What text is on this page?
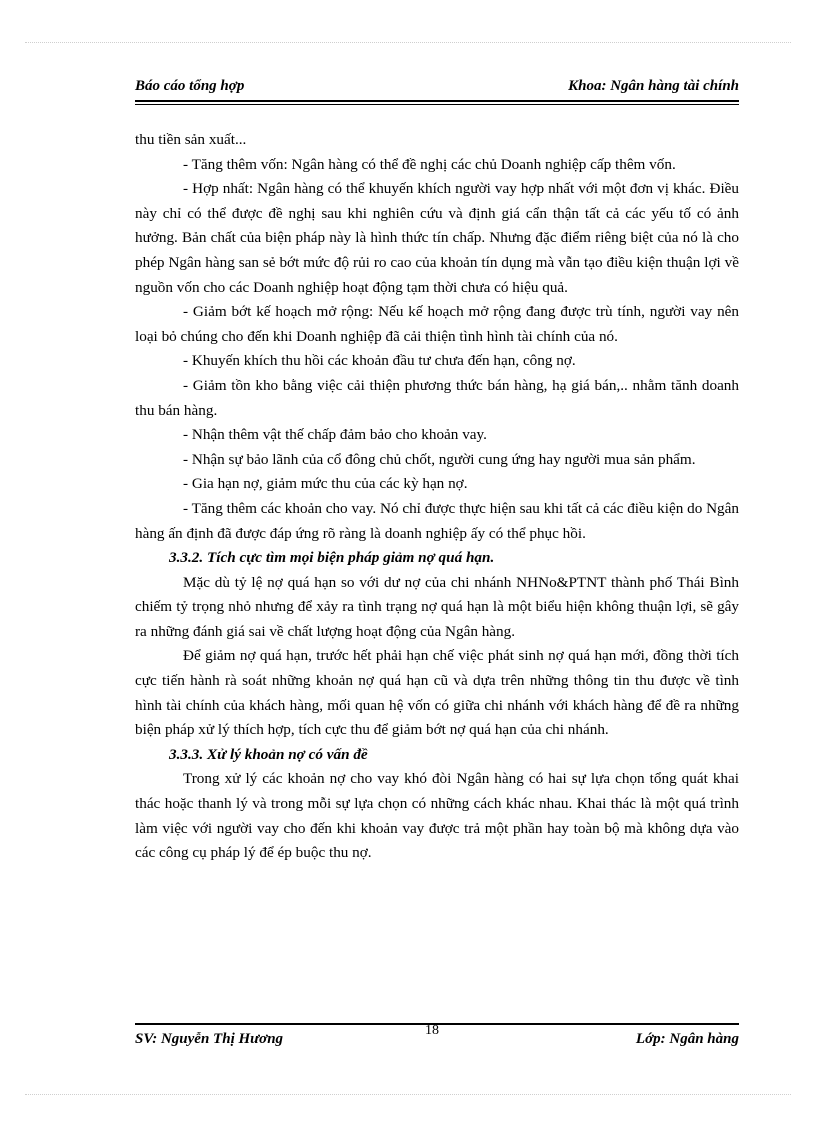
Báo cáo tổng hợp	Khoa: Ngân hàng tài chính

thu tiền sản xuất...

- Tăng thêm vốn: Ngân hàng có thể đề nghị các chủ Doanh nghiệp cấp thêm vốn.

- Hợp nhất: Ngân hàng có thể khuyến khích người vay hợp nhất với một đơn vị khác. Điều này chỉ có thể được đề nghị sau khi nghiên cứu và định giá cẩn thận tất cả các yếu tố có ảnh hưởng. Bản chất của biện pháp này là hình thức tín chấp. Nhưng đặc điểm riêng biệt của nó là cho phép Ngân hàng san sẻ bớt mức độ rủi ro cao của khoản tín dụng mà vẫn tạo điều kiện thuận lợi về nguồn vốn cho các Doanh nghiệp hoạt động tạm thời chưa có hiệu quả.

- Giảm bớt kế hoạch mở rộng: Nếu kế hoạch mở rộng đang được trù tính, người vay nên loại bỏ chúng cho đến khi Doanh nghiệp đã cải thiện tình hình tài chính của nó.

- Khuyến khích thu hồi các khoản đầu tư chưa đến hạn, công nợ.

- Giảm tồn kho bằng việc cải thiện phương thức bán hàng, hạ giá bán,.. nhằm tănh doanh thu bán hàng.

- Nhận thêm vật thế chấp đảm bảo cho khoản vay.

- Nhận sự bảo lãnh của cổ đông chủ chốt, người cung ứng hay người mua sản phẩm.

- Gia hạn nợ, giảm mức thu của các kỳ hạn nợ.

- Tăng thêm các khoản cho vay. Nó chỉ được thực hiện sau khi tất cả các điều kiện do Ngân hàng ấn định đã được đáp ứng rõ ràng là doanh nghiệp ấy có thể phục hồi.

3.3.2. Tích cực tìm mọi biện pháp giảm nợ quá hạn.

Mặc dù tỷ lệ nợ quá hạn so với dư nợ của chi nhánh NHNo&PTNT thành phố Thái Bình chiếm tỷ trọng nhỏ nhưng để xảy ra tình trạng nợ quá hạn là một biểu hiện không thuận lợi, sẽ gây ra những đánh giá sai về chất lượng hoạt động của Ngân hàng.

Để giảm nợ quá hạn, trước hết phải hạn chế việc phát sinh nợ quá hạn mới, đồng thời tích cực tiến hành rà soát những khoản nợ quá hạn cũ và dựa trên những thông tin thu được về tình hình tài chính của khách hàng, mối quan hệ vốn có giữa chi nhánh với khách hàng để đề ra những biện pháp xử lý thích hợp, tích cực thu để giảm bớt nợ quá hạn của chi nhánh.

3.3.3. Xử lý khoản nợ có vấn đề

Trong xử lý các khoản nợ cho vay khó đòi Ngân hàng có hai sự lựa chọn tổng quát khai thác hoặc thanh lý và trong mỗi sự lựa chọn có những cách khác nhau. Khai thác là một quá trình làm việc với người vay cho đến khi khoản vay được trả một phần hay toàn bộ mà không dựa vào các công cụ pháp lý để ép buộc thu nợ.

SV: Nguyễn Thị Hương
18
Lớp: Ngân hàng
